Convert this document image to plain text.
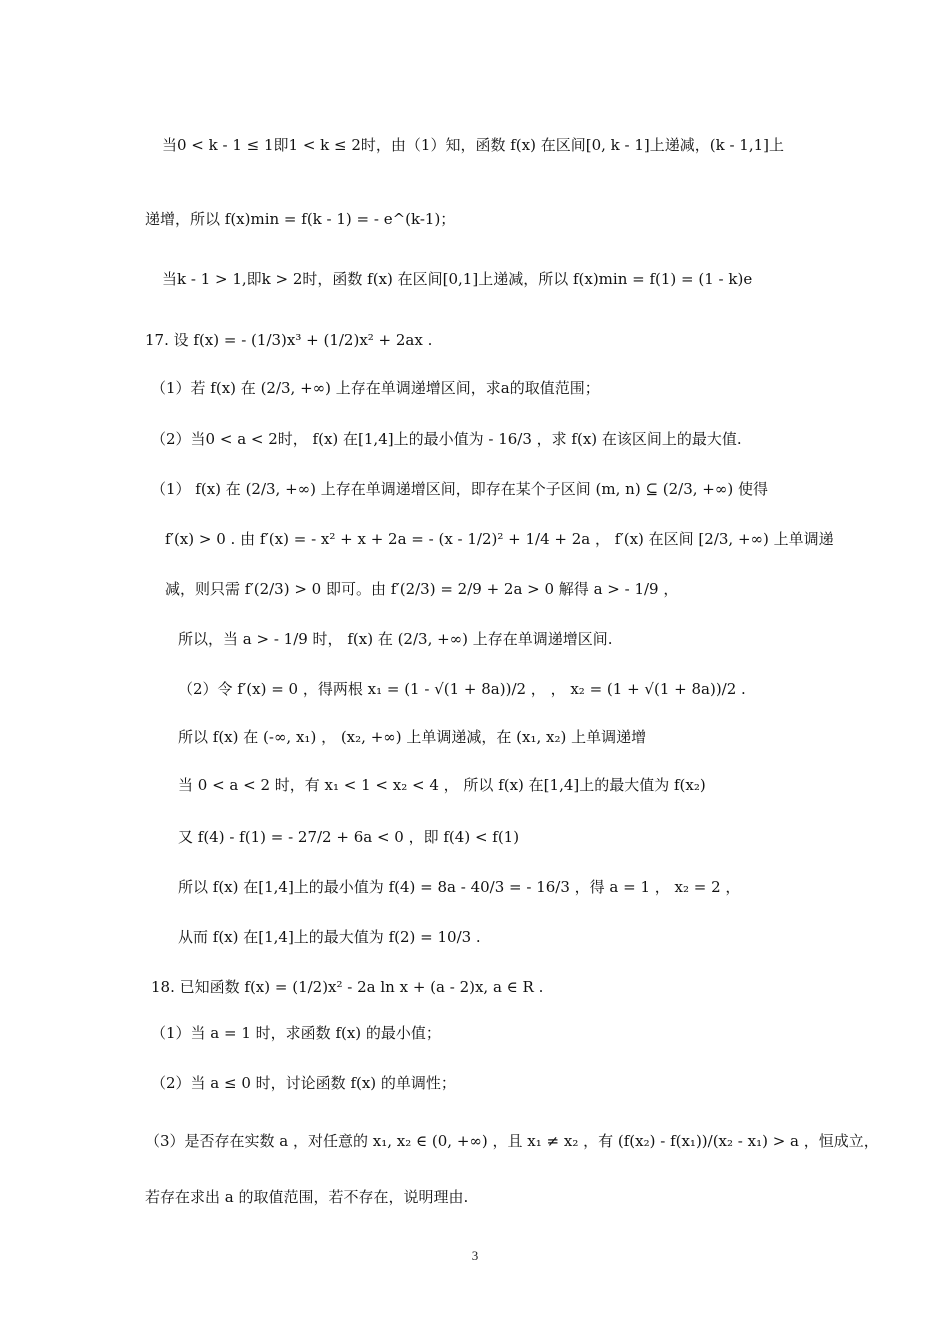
当0 < k - 1 ≤ 1即1 < k ≤ 2时，由（1）知，函数 f(x) 在区间[0, k - 1]上递减，(k - 1,1]上
递增，所以 f(x)min = f(k - 1) = - e^(k-1)；
当k - 1 > 1,即k > 2时，函数 f(x) 在区间[0,1]上递减，所以 f(x)min = f(1) = (1 - k)e
17. 设 f(x) = - (1/3)x³ + (1/2)x² + 2ax .
（1）若 f(x) 在 (2/3, +∞) 上存在单调递增区间，求a的取值范围；
（2）当0 < a < 2时， f(x) 在[1,4]上的最小值为 - 16/3 ，求 f(x) 在该区间上的最大值.
（1） f(x) 在 (2/3, +∞) 上存在单调递增区间，即存在某个子区间 (m, n) ⊆ (2/3, +∞) 使得
f′(x) > 0 . 由 f′(x) = - x² + x + 2a = - (x - 1/2)² + 1/4 + 2a ， f′(x) 在区间 [2/3, +∞) 上单调递
减，则只需 f′(2/3) > 0 即可。由 f′(2/3) = 2/9 + 2a > 0 解得 a > - 1/9 ，
所以，当 a > - 1/9 时， f(x) 在 (2/3, +∞) 上存在单调递增区间.
（2）令 f′(x) = 0 ，得两根 x₁ = (1 - √(1 + 8a))/2 ， ， x₂ = (1 + √(1 + 8a))/2 .
所以 f(x) 在 (-∞, x₁) ， (x₂, +∞) 上单调递减，在 (x₁, x₂) 上单调递增
当 0 < a < 2 时，有 x₁ < 1 < x₂ < 4 ， 所以 f(x) 在[1,4]上的最大值为 f(x₂)
又 f(4) - f(1) = - 27/2 + 6a < 0 ，即 f(4) < f(1)
所以 f(x) 在[1,4]上的最小值为 f(4) = 8a - 40/3 = - 16/3 ，得 a = 1 ， x₂ = 2 ，
从而 f(x) 在[1,4]上的最大值为 f(2) = 10/3 .
18. 已知函数 f(x) = (1/2)x² - 2a ln x + (a - 2)x, a ∈ R .
（1）当 a = 1 时，求函数 f(x) 的最小值；
（2）当 a ≤ 0 时，讨论函数 f(x) 的单调性；
（3）是否存在实数 a ，对任意的 x₁, x₂ ∈ (0, +∞) ，且 x₁ ≠ x₂ ，有 (f(x₂) - f(x₁))/(x₂ - x₁) > a ，恒成立，
若存在求出 a 的取值范围，若不存在，说明理由.
3
